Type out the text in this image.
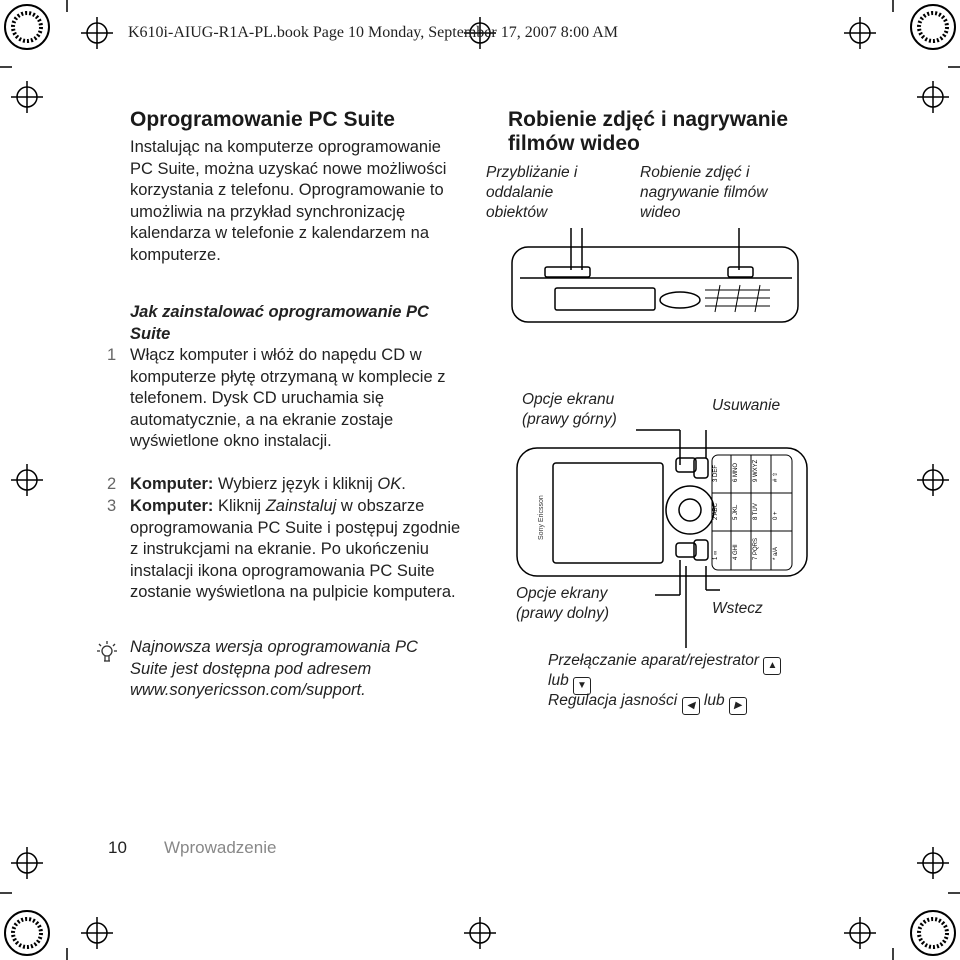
K610i-AIUG-R1A-PL.book Page 10 Monday, September 17, 2007 8:00 AM
Oprogramowanie PC Suite
Instalując na komputerze oprogramowanie PC Suite, można uzyskać nowe możliwości korzystania z telefonu. Oprogramowanie to umożliwia na przykład synchronizację kalendarza w telefonie z kalendarzem na komputerze.
Jak zainstalować oprogramowanie PC Suite
1 Włącz komputer i włóż do napędu CD w komputerze płytę otrzymaną w komplecie z telefonem. Dysk CD uruchamia się automatycznie, a na ekranie zostaje wyświetlone okno instalacji.
2 Komputer: Wybierz język i kliknij OK.
3 Komputer: Kliknij Zainstaluj w obszarze oprogramowania PC Suite i postępuj zgodnie z instrukcjami na ekranie. Po ukończeniu instalacji ikona oprogramowania PC Suite zostanie wyświetlona na pulpicie komputera.
Najnowsza wersja oprogramowania PC Suite jest dostępna pod adresem www.sonyericsson.com/support.
Robienie zdjęć i nagrywanie filmów wideo
Przybliżanie i oddalanie obiektów
Robienie zdjęć i nagrywanie filmów wideo
Opcje ekranu (prawy górny)
Usuwanie
3 DEF 6 MNO 9 WXYZ # ⇧
2 ABC 5 JKL 8 TUV 0 +
1 ∞ 4 GHI 7 PQRS * a/A
Sony Ericsson
Opcje ekrany (prawy dolny)	Wstecz
Przełączanie aparat/rejestrator ▲
lub ▼
Regulacja jasności ◀ lub ▶
10 Wprowadzenie
